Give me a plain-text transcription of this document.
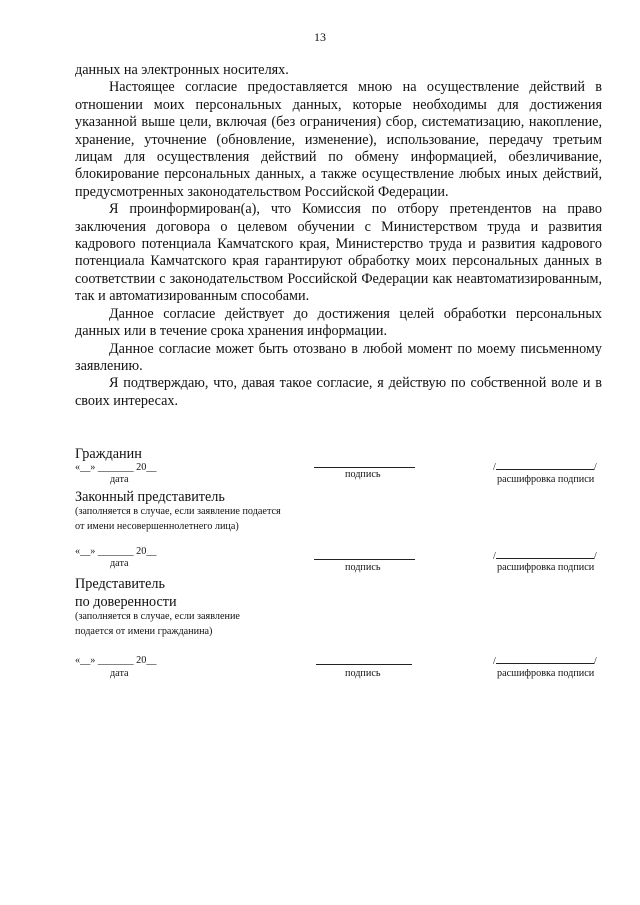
13

данных на электронных носителях.

Настоящее согласие предоставляется мною на осуществление действий в отношении моих персональных данных, которые необходимы для достижения указанной выше цели, включая (без ограничения) сбор, систематизацию, накопление, хранение, уточнение (обновление, изменение), использование, передачу третьим лицам для осуществления действий по обмену информацией, обезличивание, блокирование персональных данных, а также осуществление любых иных действий, предусмотренных законодательством Российской Федерации.

Я проинформирован(а), что Комиссия по отбору претендентов на право заключения договора о целевом обучении с Министерством труда и развития кадрового потенциала Камчатского края, Министерство труда и развития кадрового потенциала Камчатского края гарантируют обработку моих персональных данных в соответствии с законодательством Российской Федерации как неавтоматизированным, так и автоматизированным способами.

Данное согласие действует до достижения целей обработки персональных данных или в течение срока хранения информации.

Данное согласие может быть отозвано в любой момент по моему письменному заявлению.

Я подтверждаю, что, давая такое согласие, я действую по собственной воле и в своих интересах.

Гражданин
«__» _______ 20__
дата	подпись
/	/
расшифровка подписи
Законный представитель
(заполняется в случае, если заявление подается от имени несовершеннолетнего лица)
«__» _______ 20__
дата	подпись
/	/
расшифровка подписи
Представитель
по доверенности
(заполняется в случае, если заявление подается от имени гражданина)
«__» _______ 20__
дата	подпись
/	/
расшифровка подписи
